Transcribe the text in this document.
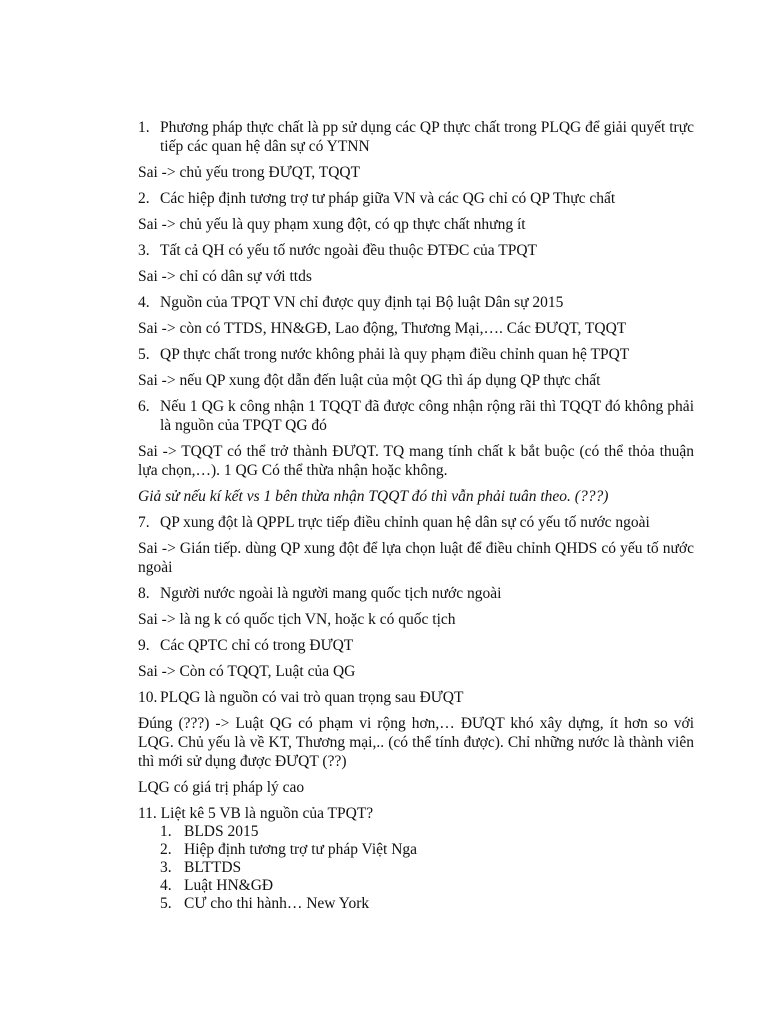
1. Phương pháp thực chất là pp sử dụng các QP thực chất trong PLQG để giải quyết trực tiếp các quan hệ dân sự có YTNN
Sai -> chủ yếu trong ĐƯQT, TQQT
2. Các hiệp định tương trợ tư pháp giữa VN và các QG chỉ có QP Thực chất
Sai -> chủ yếu là quy phạm xung đột, có qp thực chất nhưng ít
3. Tất cả QH có yếu tố nước ngoài đều thuộc ĐTĐC của TPQT
Sai -> chỉ có dân sự với ttds
4. Nguồn của TPQT VN chỉ được quy định tại Bộ luật Dân sự 2015
Sai -> còn có TTDS, HN&GĐ, Lao động, Thương Mại,…. Các ĐƯQT, TQQT
5. QP thực chất trong nước không phải là quy phạm điều chỉnh quan hệ TPQT
Sai -> nếu QP xung đột dẫn đến luật của một QG thì áp dụng QP thực chất
6. Nếu 1 QG k công nhận 1 TQQT đã được công nhận rộng rãi thì TQQT đó không phải là nguồn của TPQT QG đó
Sai -> TQQT có thể trở thành ĐƯQT. TQ mang tính chất k bắt buộc (có thể thỏa thuận lựa chọn,…). 1 QG Có thể thừa nhận hoặc không.
Giả sử nếu kí kết vs 1 bên thừa nhận TQQT đó thì vẫn phải tuân theo. (???)
7. QP xung đột là QPPL trực tiếp điều chỉnh quan hệ dân sự có yếu tố nước ngoài
Sai -> Gián tiếp. dùng QP xung đột để lựa chọn luật để điều chỉnh QHDS có yếu tố nước ngoài
8. Người nước ngoài là người mang quốc tịch nước ngoài
Sai -> là ng k có quốc tịch VN, hoặc k có quốc tịch
9. Các QPTC chỉ có trong ĐƯQT
Sai -> Còn có TQQT, Luật của QG
10. PLQG là nguồn có vai trò quan trọng sau ĐƯQT
Đúng (???) -> Luật QG có phạm vi rộng hơn,… ĐƯQT khó xây dựng, ít hơn so với LQG. Chủ yếu là về KT, Thương mại,.. (có thể tính được). Chỉ những nước là thành viên thì mới sử dụng được ĐƯQT (??)
LQG có giá trị pháp lý cao
11. Liệt kê 5 VB là nguồn của TPQT?
1. BLDS 2015
2. Hiệp định tương trợ tư pháp Việt Nga
3. BLTTDS
4. Luật HN&GĐ
5. CƯ cho thi hành… New York
